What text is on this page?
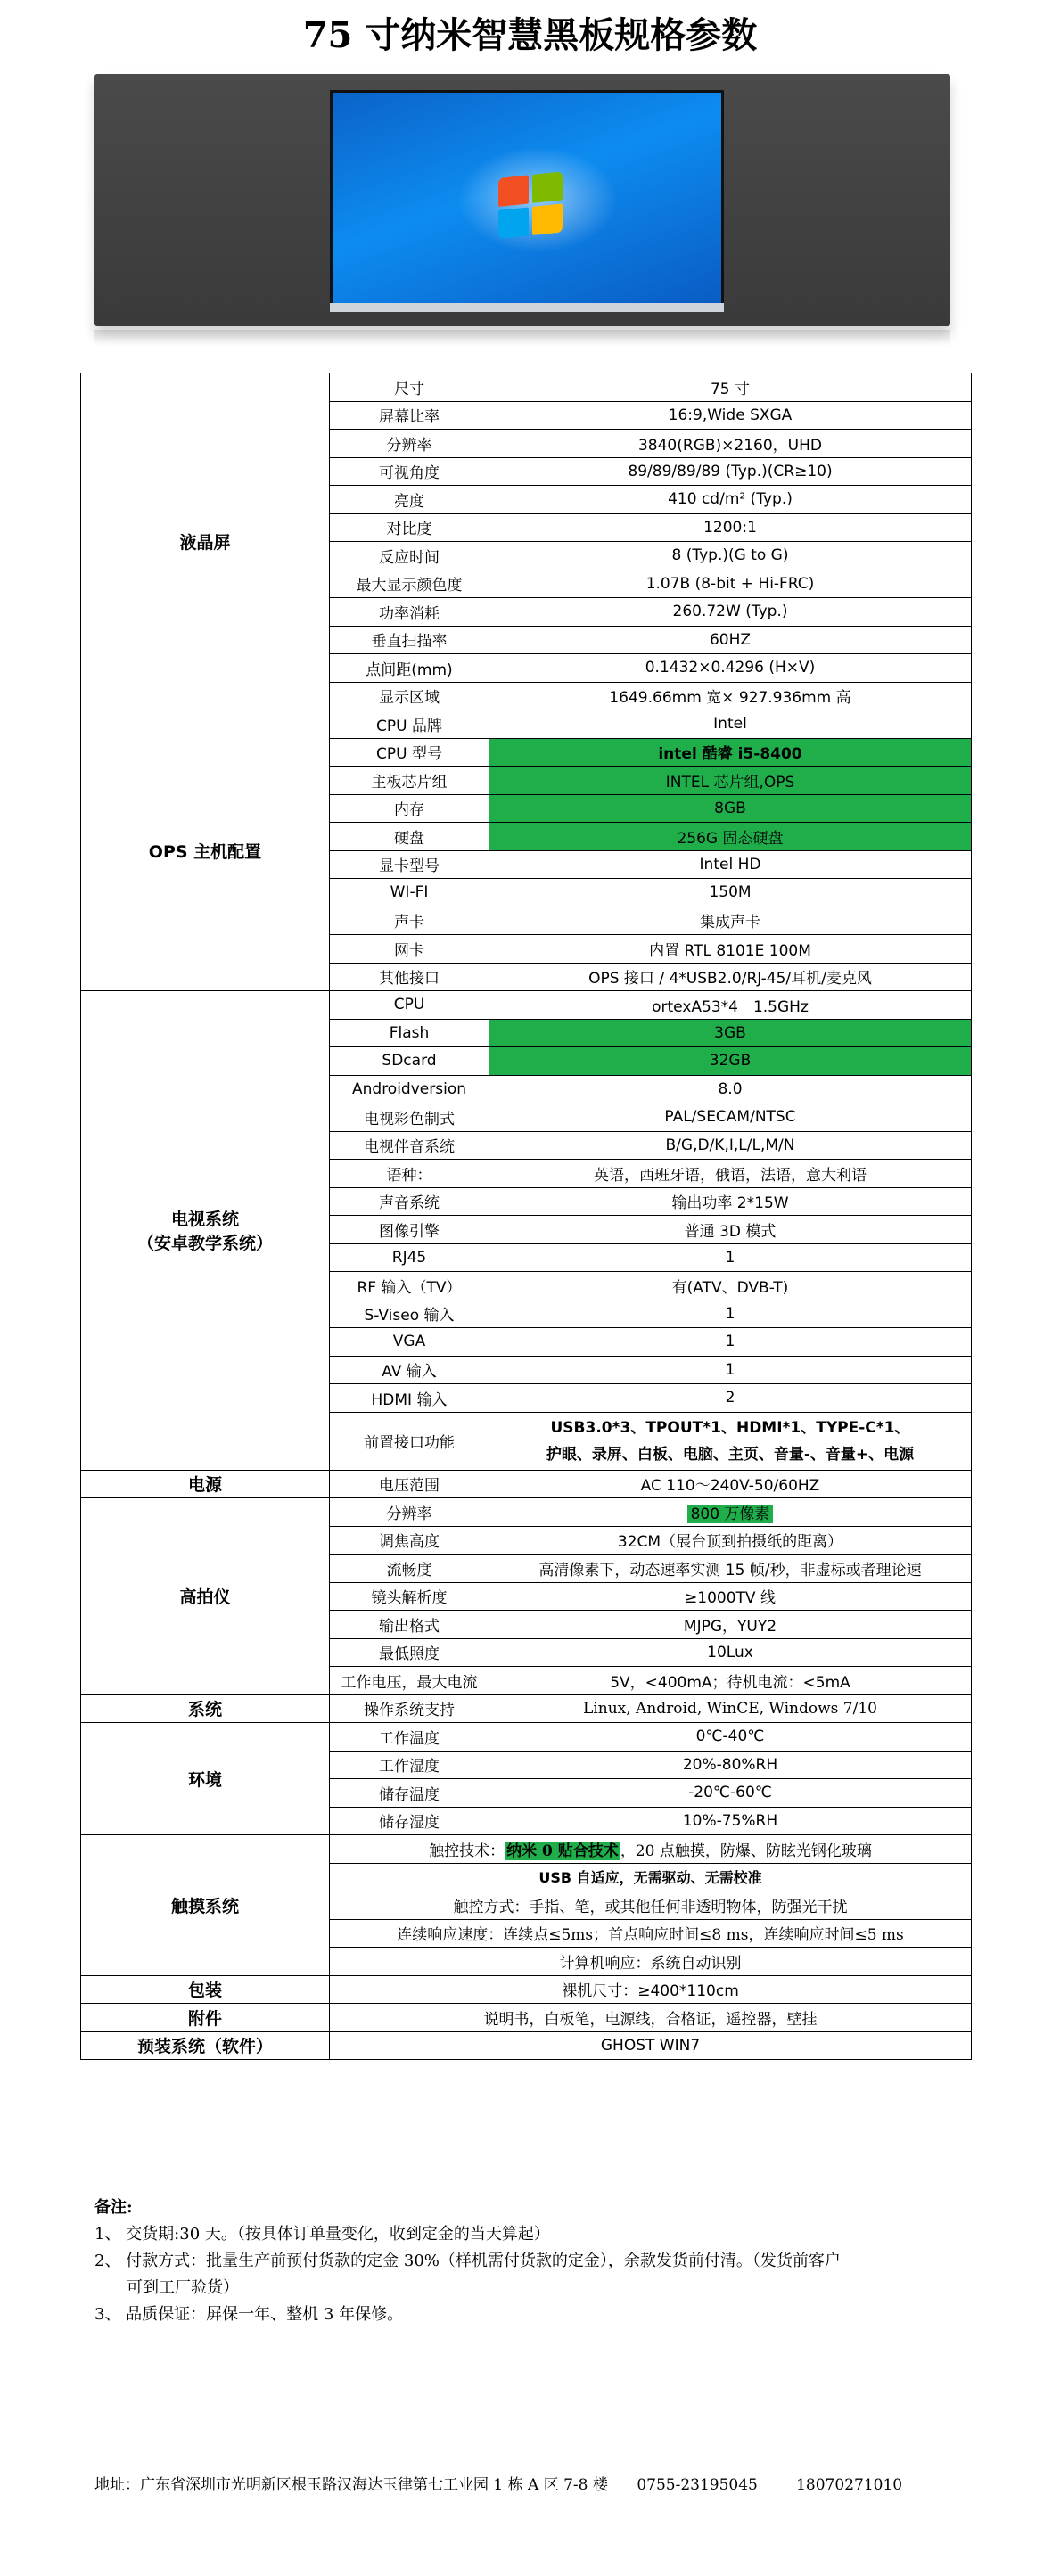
75 寸纳米智慧黑板规格参数
液晶屏	尺寸	75 寸
	屏幕比率	16:9,Wide SXGA
	分辨率	3840(RGB)×2160，UHD
	可视角度	89/89/89/89 (Typ.)(CR≥10)
	亮度	410 cd/m² (Typ.)
	对比度	1200:1
	反应时间	8 (Typ.)(G to G)
	最大显示颜色度	1.07B (8-bit + Hi-FRC)
	功率消耗	260.72W (Typ.)
	垂直扫描率	60HZ
	点间距(mm)	0.1432×0.4296 (H×V)
	显示区域	1649.66mm 宽× 927.936mm 高
OPS 主机配置	CPU 品牌	Intel
	CPU 型号	intel 酷睿 i5-8400
	主板芯片组	INTEL 芯片组,OPS
	内存	8GB
	硬盘	256G 固态硬盘
	显卡型号	Intel HD
	WI-FI	150M
	声卡	集成声卡
	网卡	内置 RTL 8101E 100M
	其他接口	OPS 接口 / 4*USB2.0/RJ-45/耳机/麦克风

电视系统
（安卓教学系统）	CPU	ortexA53*4　1.5GHz
	Flash	3GB
	SDcard	32GB
	Androidversion	8.0
	电视彩色制式	PAL/SECAM/NTSC
	电视伴音系统	B/G,D/K,I,L/L,M/N
	语种：	英语，西班牙语，俄语，法语，意大利语
	声音系统	输出功率 2*15W
	图像引擎	普通 3D 模式
	RJ45	1
	RF 输入（TV）	有(ATV、DVB-T)
	S-Viseo 输入	1
	VGA	1
	AV 输入	1
	HDMI 输入	2
	前置接口功能	USB3.0*3、TPOUT*1、HDMI*1、TYPE-C*1、
护眼、录屏、白板、电脑、主页、音量-、音量+、电源

电源	电压范围	AC 110～240V-50/60HZ
高拍仪	分辨率	800 万像素
	调焦高度	32CM（展台顶到拍摄纸的距离）
	流畅度	高清像素下，动态速率实测 15 帧/秒，非虚标或者理论速
	镜头解析度	≥1000TV 线
	输出格式	MJPG，YUY2
	最低照度	10Lux
	工作电压，最大电流	5V，<400mA；待机电流：<5mA
系统	操作系统支持	Linux, Android, WinCE, Windows 7/10
环境	工作温度	0℃-40℃
	工作湿度	20%-80%RH
	储存温度	-20℃-60℃
	储存湿度	10%-75%RH
触摸系统	触控技术： 纳米 0 贴合技术 ，20 点触摸，防爆、防眩光钢化玻璃	
	USB 自适应，无需驱动、无需校准	
	触控方式：手指、笔，或其他任何非透明物体，防强光干扰	
	连续响应速度：连续点≤5ms；首点响应时间≤8 ms，连续响应时间≤5 ms	
	计算机响应：系统自动识别	
包装	裸机尺寸：≥400*110cm	
附件	说明书，白板笔，电源线，合格证，遥控器，壁挂	
预装系统（软件）	GHOST WIN7	
备注:
1、 交货期:30 天。（按具体订单量变化，收到定金的当天算起）
2、 付款方式：批量生产前预付货款的定金 30%（样机需付货款的定金），余款发货前付清。（发货前客户
可到工厂验货）
3、 品质保证：屏保一年、整机 3 年保修。
地址：广东省深圳市光明新区根玉路汉海达玉律第七工业园 1 栋 A 区 7-8 楼 0755-23195045	18070271010
